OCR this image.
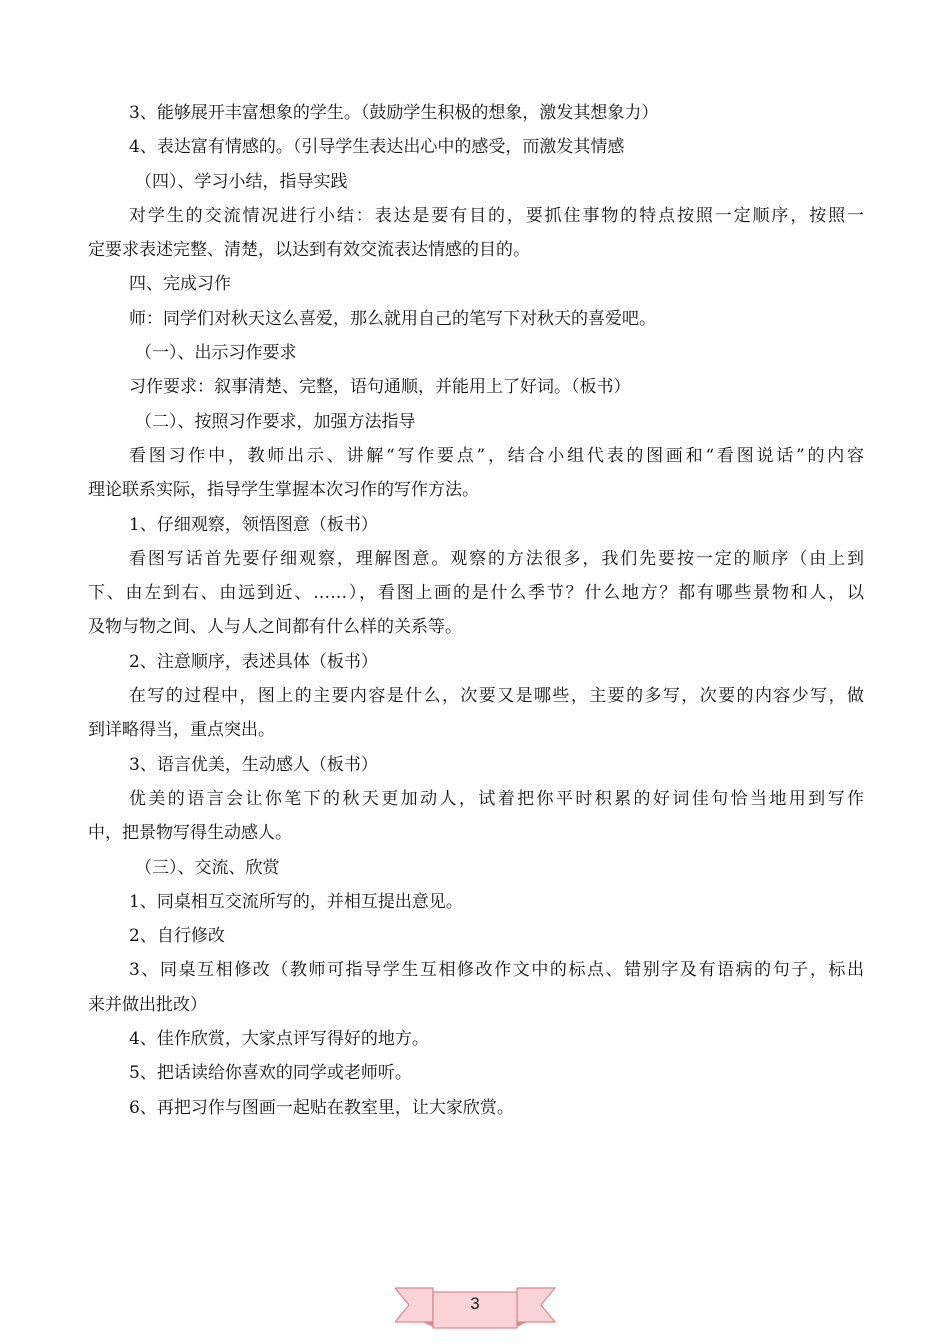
3、能够展开丰富想象的学生。（鼓励学生积极的想象，激发其想象力）
4、表达富有情感的。（引导学生表达出心中的感受，而激发其情感
（四）、学习小结，指导实践
对学生的交流情况进行小结：表达是要有目的，要抓住事物的特点按照一定顺序，按照一
定要求表述完整、清楚，以达到有效交流表达情感的目的。
四、完成习作
师：同学们对秋天这么喜爱，那么就用自己的笔写下对秋天的喜爱吧。
（一）、出示习作要求
习作要求：叙事清楚、完整，语句通顺，并能用上了好词。（板书）
（二）、按照习作要求，加强方法指导
看图习作中，教师出示、讲解“写作要点”，结合小组代表的图画和“看图说话”的内容
理论联系实际，指导学生掌握本次习作的写作方法。
1、仔细观察，领悟图意（板书）
看图写话首先要仔细观察，理解图意。观察的方法很多，我们先要按一定的顺序（由上到
下、由左到右、由远到近、……），看图上画的是什么季节？什么地方？都有哪些景物和人，以
及物与物之间、人与人之间都有什么样的关系等。
2、注意顺序，表述具体（板书）
在写的过程中，图上的主要内容是什么，次要又是哪些，主要的多写，次要的内容少写，做
到详略得当，重点突出。
3、语言优美，生动感人（板书）
优美的语言会让你笔下的秋天更加动人，试着把你平时积累的好词佳句恰当地用到写作
中，把景物写得生动感人。
（三）、交流、欣赏
1、同桌相互交流所写的，并相互提出意见。
2、自行修改
3、同桌互相修改（教师可指导学生互相修改作文中的标点、错别字及有语病的句子，标出
来并做出批改）
4、佳作欣赏，大家点评写得好的地方。
5、把话读给你喜欢的同学或老师听。
6、再把习作与图画一起贴在教室里，让大家欣赏。
3
